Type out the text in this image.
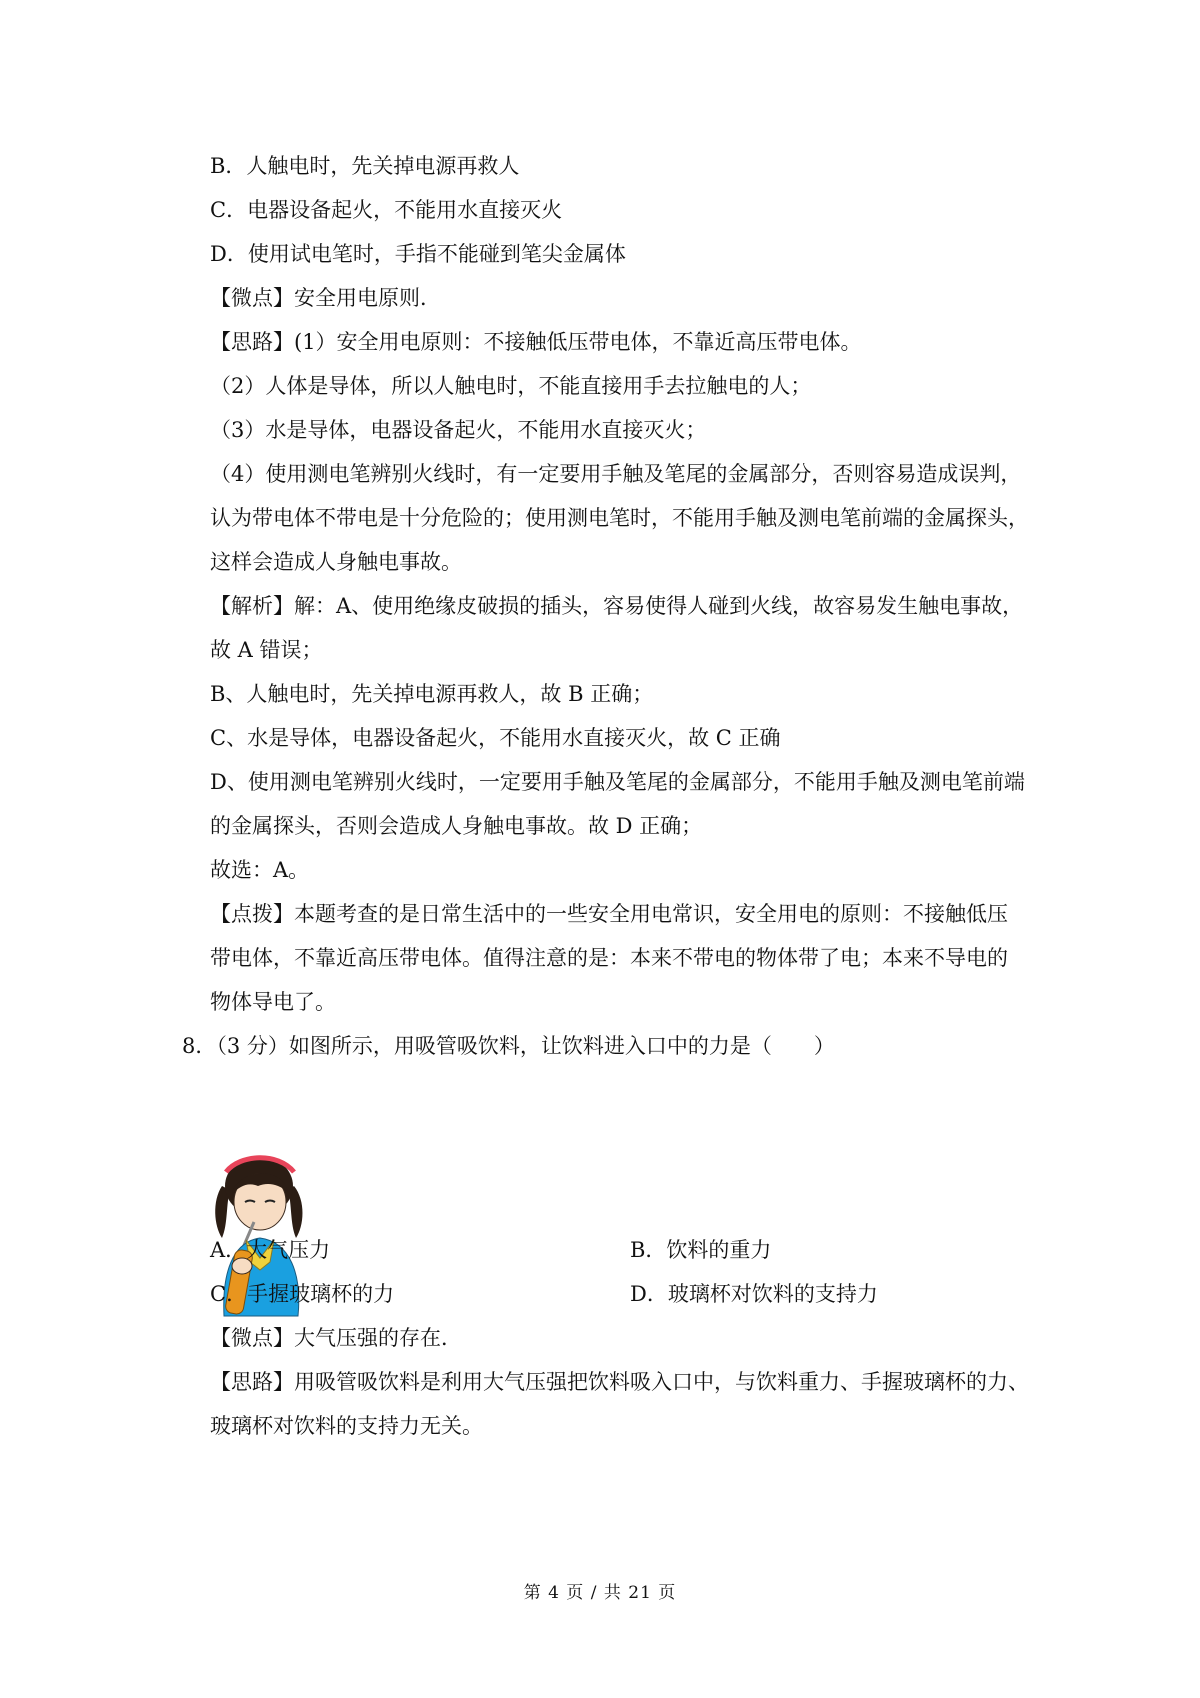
B．人触电时，先关掉电源再救人
C．电器设备起火，不能用水直接灭火
D．使用试电笔时，手指不能碰到笔尖金属体
【微点】安全用电原则．
【思路】(1）安全用电原则：不接触低压带电体，不靠近高压带电体。
（2）人体是导体，所以人触电时，不能直接用手去拉触电的人；
（3）水是导体，电器设备起火，不能用水直接灭火；
（4）使用测电笔辨别火线时，有一定要用手触及笔尾的金属部分，否则容易造成误判，
认为带电体不带电是十分危险的；使用测电笔时，不能用手触及测电笔前端的金属探头，
这样会造成人身触电事故。
【解析】解：A、使用绝缘皮破损的插头，容易使得人碰到火线，故容易发生触电事故，
故 A 错误；
B、人触电时，先关掉电源再救人，故 B 正确；
C、水是导体，电器设备起火，不能用水直接灭火，故 C 正确
D、使用测电笔辨别火线时，一定要用手触及笔尾的金属部分，不能用手触及测电笔前端
的金属探头，否则会造成人身触电事故。故 D 正确；
故选：A。
【点拨】本题考查的是日常生活中的一些安全用电常识，安全用电的原则：不接触低压
带电体，不靠近高压带电体。值得注意的是：本来不带电的物体带了电；本来不导电的
物体导电了。
8．（3 分）如图所示，用吸管吸饮料，让饮料进入口中的力是（　　）
A．大气压力	B．饮料的重力
C．手握玻璃杯的力	D．玻璃杯对饮料的支持力
【微点】大气压强的存在．
【思路】用吸管吸饮料是利用大气压强把饮料吸入口中，与饮料重力、手握玻璃杯的力、
玻璃杯对饮料的支持力无关。
第 4 页 / 共 21 页
